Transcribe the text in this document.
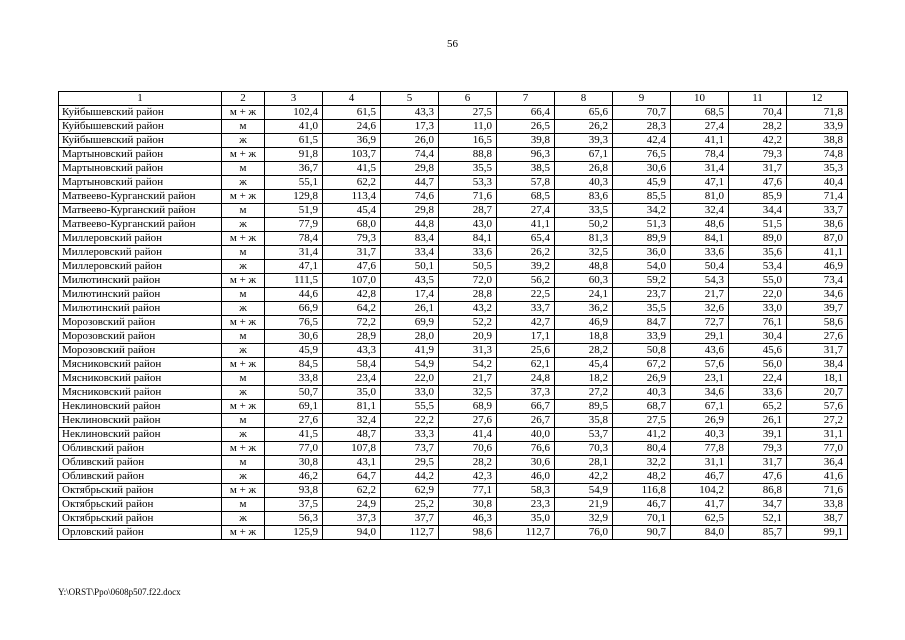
56
1	2	3	4	5	6	7	8	9	10	11	12
Куйбышевский район	м + ж	102,4	61,5	43,3	27,5	66,4	65,6	70,7	68,5	70,4	71,8
Куйбышевский район	м	41,0	24,6	17,3	11,0	26,5	26,2	28,3	27,4	28,2	33,9
Куйбышевский район	ж	61,5	36,9	26,0	16,5	39,8	39,3	42,4	41,1	42,2	38,8
Мартыновский район	м + ж	91,8	103,7	74,4	88,8	96,3	67,1	76,5	78,4	79,3	74,8
Мартыновский район	м	36,7	41,5	29,8	35,5	38,5	26,8	30,6	31,4	31,7	35,3
Мартыновский район	ж	55,1	62,2	44,7	53,3	57,8	40,3	45,9	47,1	47,6	40,4
Матвеево-Курганский район	м + ж	129,8	113,4	74,6	71,6	68,5	83,6	85,5	81,0	85,9	71,4
Матвеево-Курганский район	м	51,9	45,4	29,8	28,7	27,4	33,5	34,2	32,4	34,4	33,7
Матвеево-Курганский район	ж	77,9	68,0	44,8	43,0	41,1	50,2	51,3	48,6	51,5	38,6
Миллеровский район	м + ж	78,4	79,3	83,4	84,1	65,4	81,3	89,9	84,1	89,0	87,0
Миллеровский район	м	31,4	31,7	33,4	33,6	26,2	32,5	36,0	33,6	35,6	41,1
Миллеровский район	ж	47,1	47,6	50,1	50,5	39,2	48,8	54,0	50,4	53,4	46,9
Милютинский район	м + ж	111,5	107,0	43,5	72,0	56,2	60,3	59,2	54,3	55,0	73,4
Милютинский район	м	44,6	42,8	17,4	28,8	22,5	24,1	23,7	21,7	22,0	34,6
Милютинский район	ж	66,9	64,2	26,1	43,2	33,7	36,2	35,5	32,6	33,0	39,7
Морозовский район	м + ж	76,5	72,2	69,9	52,2	42,7	46,9	84,7	72,7	76,1	58,6
Морозовский район	м	30,6	28,9	28,0	20,9	17,1	18,8	33,9	29,1	30,4	27,6
Морозовский район	ж	45,9	43,3	41,9	31,3	25,6	28,2	50,8	43,6	45,6	31,7
Мясниковский район	м + ж	84,5	58,4	54,9	54,2	62,1	45,4	67,2	57,6	56,0	38,4
Мясниковский район	м	33,8	23,4	22,0	21,7	24,8	18,2	26,9	23,1	22,4	18,1
Мясниковский район	ж	50,7	35,0	33,0	32,5	37,3	27,2	40,3	34,6	33,6	20,7
Неклиновский район	м + ж	69,1	81,1	55,5	68,9	66,7	89,5	68,7	67,1	65,2	57,6
Неклиновский район	м	27,6	32,4	22,2	27,6	26,7	35,8	27,5	26,9	26,1	27,2
Неклиновский район	ж	41,5	48,7	33,3	41,4	40,0	53,7	41,2	40,3	39,1	31,1
Обливский район	м + ж	77,0	107,8	73,7	70,6	76,6	70,3	80,4	77,8	79,3	77,0
Обливский район	м	30,8	43,1	29,5	28,2	30,6	28,1	32,2	31,1	31,7	36,4
Обливский район	ж	46,2	64,7	44,2	42,3	46,0	42,2	48,2	46,7	47,6	41,6
Октябрьский район	м + ж	93,8	62,2	62,9	77,1	58,3	54,9	116,8	104,2	86,8	71,6
Октябрьский район	м	37,5	24,9	25,2	30,8	23,3	21,9	46,7	41,7	34,7	33,8
Октябрьский район	ж	56,3	37,3	37,7	46,3	35,0	32,9	70,1	62,5	52,1	38,7
Орловский район	м + ж	125,9	94,0	112,7	98,6	112,7	76,0	90,7	84,0	85,7	99,1
Y:\ORST\Ppo\0608p507.f22.docx
